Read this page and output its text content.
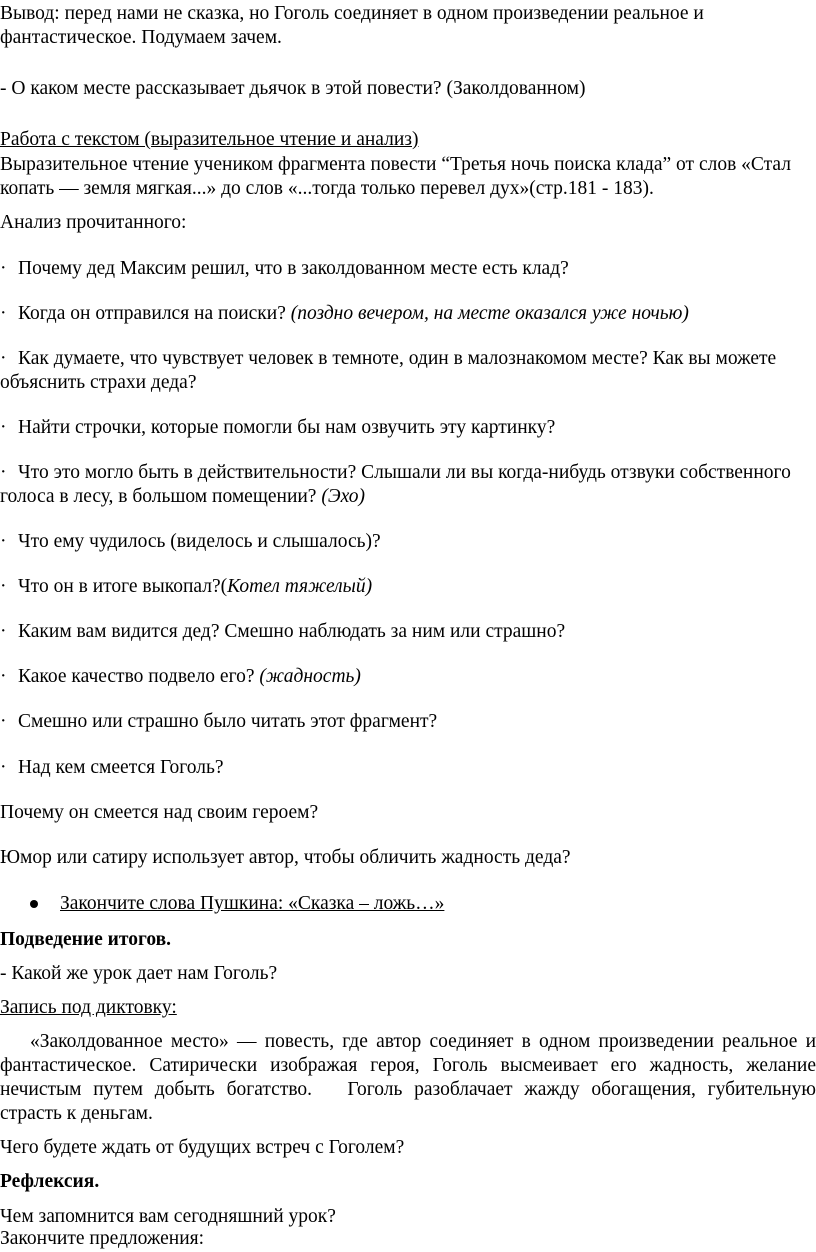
Вывод: перед нами не сказка, но Гоголь соединяет в одном произведении реальное и
фантастическое. Подумаем зачем.
- О каком месте рассказывает дьячок в этой повести? (Заколдованном)
Работа с текстом (выразительное чтение и анализ)
Выразительное чтение учеником фрагмента повести “Третья ночь поиска клада” от слов «Стал
копать — земля мягкая...» до слов «...тогда только перевел дух»(стр.181 - 183).
Анализ прочитанного:
· Почему дед Максим решил, что в заколдованном месте есть клад?
· Когда он отправился на поиски? (поздно вечером, на месте оказался уже ночью)
· Как думаете, что чувствует человек в темноте, один в малознакомом месте? Как вы можете
объяснить страхи деда?
· Найти строчки, которые помогли бы нам озвучить эту картинку?
· Что это могло быть в действительности? Слышали ли вы когда-нибудь отзвуки собственного
голоса в лесу, в большом помещении? (Эхо)
· Что ему чудилось (виделось и слышалось)?
· Что он в итоге выкопал?(Котел тяжелый)
· Каким вам видится дед? Смешно наблюдать за ним или страшно?
· Какое качество подвело его? (жадность)
· Смешно или страшно было читать этот фрагмент?
· Над кем смеется Гоголь?
Почему он смеется над своим героем?
Юмор или сатиру использует автор, чтобы обличить жадность деда?
Закончите слова Пушкина: «Сказка – ложь…»
Подведение итогов.
- Какой же урок дает нам Гоголь?
Запись под диктовку:
«Заколдованное место» — повесть, где автор соединяет в одном произведении реальное и
фантастическое. Сатирически изображая героя, Гоголь высмеивает его жадность, желание
нечистым путем добыть богатство.   Гоголь разоблачает жажду обогащения, губительную
страсть к деньгам.
Чего будете ждать от будущих встреч с Гоголем?
Рефлексия.
Чем запомнится вам сегодняшний урок?
Закончите предложения:
